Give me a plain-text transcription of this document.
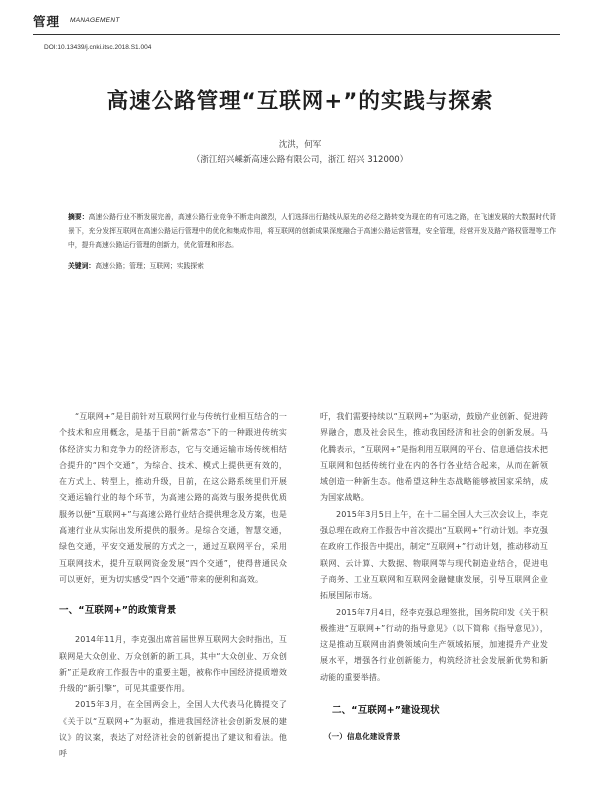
管理 MANAGEMENT
DOI:10.13439/j.cnki.itsc.2018.S1.004
高速公路管理“互联网+”的实践与探索
沈洪，何军
（浙江绍兴嵊新高速公路有限公司，浙江 绍兴 312000）
摘要：高速公路行业不断发展完善，高速公路行业竞争不断走向激烈，人们选择出行路线从原先的必经之路转变为现在的有可选之路，在飞速发展的大数据时代背景下，充分发挥互联网在高速公路运行管理中的优化和集成作用，将互联网的创新成果深度融合于高速公路运营管理，安全管理，经营开发及路产路权管理等工作中，提升高速公路运行管理的创新力，优化管理和形态。
关键词：高速公路；管理；互联网；实践探索

“互联网+”是目前针对互联网行业与传统行业相互结合的一个技术和应用概念，是基于目前“新常态”下的一种跟进传统实体经济实力和竞争力的经济形态，它与交通运输市场传统相结合提升的“四个交通”，为综合、技术、模式上提供更有效的，在方式上、转型上，推动升级，目前，在这公路系统里们开展交通运输行业的每个环节，为高速公路的高效与服务提供优质服务以便“互联网+”与高速公路行业结合提供理念及方案，也是高速行业从实际出发所提供的服务。是综合交通，智慧交通，绿色交通，平安交通发展的方式之一，通过互联网平台，采用互联网技术，提升互联网资金发展“四个交通”，使得普通民众可以更好，更为切实感受“四个交通”带来的便利和高效。

一、“互联网+”的政策背景

2014年11月，李克强出席首届世界互联网大会时指出，互联网是大众创业、万众创新的新工具，其中“大众创业、万众创新”正是政府工作报告中的重要主题，被称作中国经济提质增效升级的“新引擎”，可见其重要作用。

2015年3月，在全国两会上，全国人大代表马化腾提交了《关于以“互联网+”为驱动，推进我国经济社会创新发展的建议》的议案，表达了对经济社会的创新提出了建议和看法。他呼

吁，我们需要持续以“互联网+”为驱动，鼓励产业创新、促进跨界融合，惠及社会民生，推动我国经济和社会的创新发展。马化腾表示，“互联网+”是指利用互联网的平台、信息通信技术把互联网和包括传统行业在内的各行各业结合起来，从而在新领域创造一种新生态。他希望这种生态战略能够被国家采纳，成为国家战略。

2015年3月5日上午，在十二届全国人大三次会议上，李克强总理在政府工作报告中首次提出“互联网+”行动计划。李克强在政府工作报告中提出，制定“互联网+”行动计划，推动移动互联网、云计算、大数据、物联网等与现代制造业结合，促进电子商务、工业互联网和互联网金融健康发展，引导互联网企业拓展国际市场。

2015年7月4日，经李克强总理签批，国务院印发《关于积极推进“互联网+”行动的指导意见》（以下简称《指导意见》），这是推动互联网由消费领域向生产领域拓展，加速提升产业发展水平，增强各行业创新能力，构筑经济社会发展新优势和新动能的重要举措。

二、“互联网+”建设现状
（一）信息化建设背景
